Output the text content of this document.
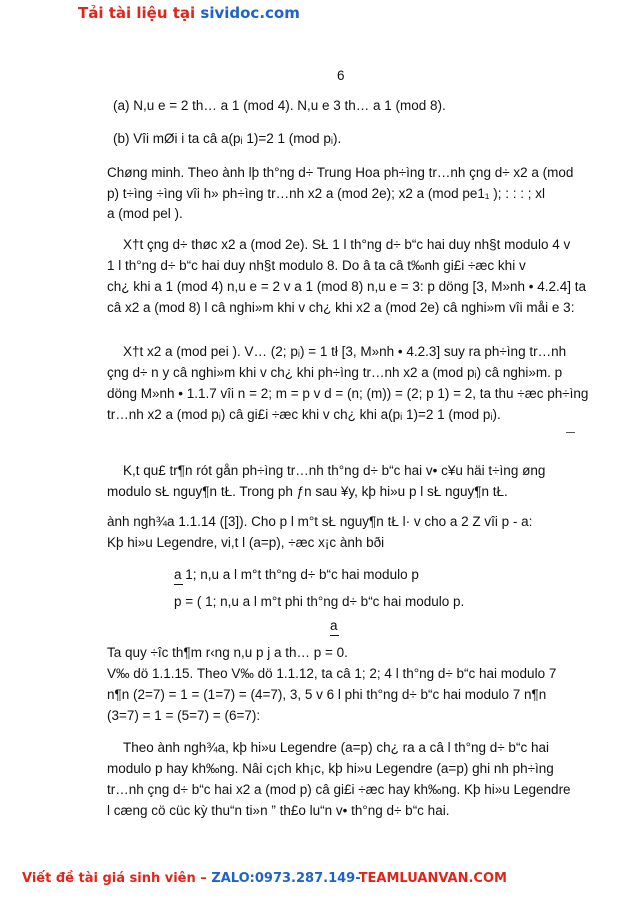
Tải tài liệu tại sividoc.com
6
(a) N,u e = 2 th… a 1 (mod 4). N,u e 3 th… a 1 (mod 8).
(b) Vîi mØi i ta câ a(pᵢ 1)=2 1 (mod pᵢ).
Chøng minh. Theo ành lþ th°ng d÷ Trung Hoa ph÷ìng tr…nh çng d÷ x2 a (mod
p) t÷ìng ÷ìng vîi h» ph÷ìng tr…nh x2 a (mod 2e); x2 a (mod pe1₁ ); : : : ; xl
a (mod pel ).
X†t çng d÷ thøc x2 a (mod 2e). SŁ 1 l th°ng d÷ b“c hai duy nh§t modulo 4 v
1 l th°ng d÷ b“c hai duy nh§t modulo 8. Do â ta câ t‰nh gi£i ÷æc khi v
ch¿ khi a 1 (mod 4) n,u e = 2 v a 1 (mod 8) n,u e = 3: p döng [3, M»nh • 4.2.4] ta
câ x2 a (mod 8) l câ nghi»m khi v ch¿ khi x2 a (mod 2e) câ nghi»m vîi måi e 3:
X†t x2 a (mod pei ). V… (2; pᵢ) = 1 tł [3, M»nh • 4.2.3] suy ra ph÷ìng tr…nh
çng d÷ n y câ nghi»m khi v ch¿ khi ph÷ìng tr…nh x2 a (mod pᵢ) câ nghi»m. p
döng M»nh • 1.1.7 vîi n = 2; m = p v d = (n; (m)) = (2; p 1) = 2, ta thu ÷æc ph÷ìng
tr…nh x2 a (mod pᵢ) câ gi£i ÷æc khi v ch¿ khi a(pᵢ 1)=2 1 (mod pᵢ).
K,t qu£ tr¶n rót gån ph÷ìng tr…nh th°ng d÷ b“c hai v• c¥u häi t÷ìng øng
modulo sŁ nguy¶n tŁ. Trong ph ƒn sau ¥y, kþ hi»u p l sŁ nguy¶n tŁ.
ành ngh¾a 1.1.14 ([3]). Cho p l m°t sŁ nguy¶n tŁ l· v cho a 2 Z vîi p - a:
Kþ hi»u Legendre, vi,t l (a=p), ÷æc x¡c ành bði
a 1; n,u a l m°t th°ng d÷ b“c hai modulo p
p = ( 1; n,u a l m°t phi th°ng d÷ b“c hai modulo p.
a
Ta quy ÷îc th¶m r‹ng n,u p j a th… p = 0.
V‰ dö 1.1.15. Theo V‰ dö 1.1.12, ta câ 1; 2; 4 l th°ng d÷ b“c hai modulo 7
n¶n (2=7) = 1 = (1=7) = (4=7), 3, 5 v 6 l phi th°ng d÷ b“c hai modulo 7 n¶n
(3=7) = 1 = (5=7) = (6=7):
Theo ành ngh¾a, kþ hi»u Legendre (a=p) ch¿ ra a câ l th°ng d÷ b“c hai
modulo p hay kh‰ng. Nâi c¡ch kh¡c, kþ hi»u Legendre (a=p) ghi nh ph÷ìng
tr…nh çng d÷ b“c hai x2 a (mod p) câ gi£i ÷æc hay kh‰ng. Kþ hi»u Legendre
l cæng cö cüc kỳ thu“n ti»n ” th£o lu“n v• th°ng d÷ b“c hai.
Viết đề tài giá sinh viên – ZALO:0973.287.149-TEAMLUANVAN.COM
